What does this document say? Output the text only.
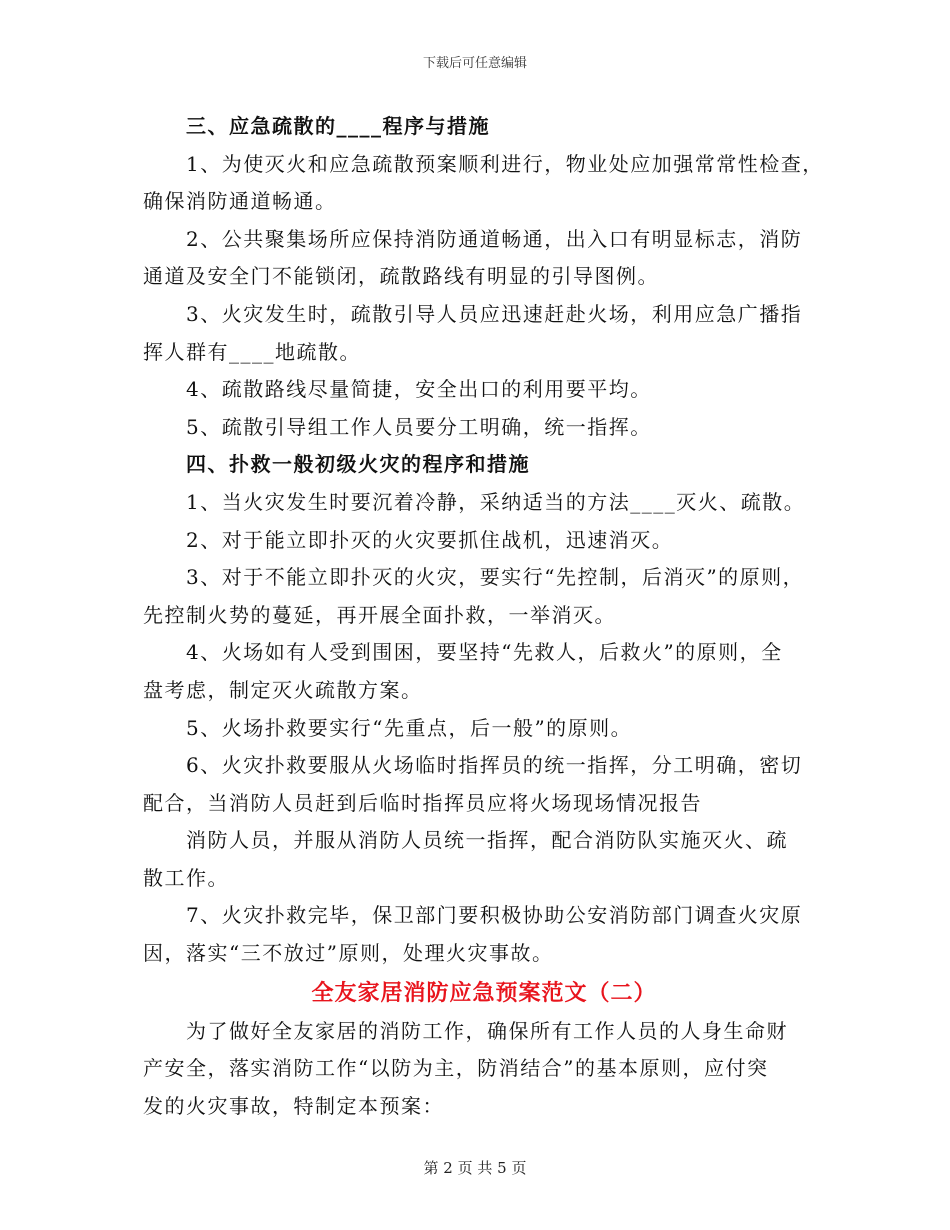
下载后可任意编辑
三、应急疏散的____程序与措施
1、为使灭火和应急疏散预案顺利进行，物业处应加强常常性检查，
确保消防通道畅通。
2、公共聚集场所应保持消防通道畅通，出入口有明显标志，消防
通道及安全门不能锁闭，疏散路线有明显的引导图例。
3、火灾发生时，疏散引导人员应迅速赶赴火场，利用应急广播指
挥人群有____地疏散。
4、疏散路线尽量简捷，安全出口的利用要平均。
5、疏散引导组工作人员要分工明确，统一指挥。
四、扑救一般初级火灾的程序和措施
1、当火灾发生时要沉着冷静，采纳适当的方法____灭火、疏散。
2、对于能立即扑灭的火灾要抓住战机，迅速消灭。
3、对于不能立即扑灭的火灾，要实行“先控制，后消灭”的原则，
先控制火势的蔓延，再开展全面扑救，一举消灭。
4、火场如有人受到围困，要坚持“先救人，后救火”的原则，全
盘考虑，制定灭火疏散方案。
5、火场扑救要实行“先重点，后一般”的原则。
6、火灾扑救要服从火场临时指挥员的统一指挥，分工明确，密切
配合，当消防人员赶到后临时指挥员应将火场现场情况报告
消防人员，并服从消防人员统一指挥，配合消防队实施灭火、疏
散工作。
7、火灾扑救完毕，保卫部门要积极协助公安消防部门调查火灾原
因，落实“三不放过”原则，处理火灾事故。
全友家居消防应急预案范文（二）
为了做好全友家居的消防工作，确保所有工作人员的人身生命财
产安全，落实消防工作“以防为主，防消结合”的基本原则，应付突
发的火灾事故，特制定本预案：
第 2 页 共 5 页
